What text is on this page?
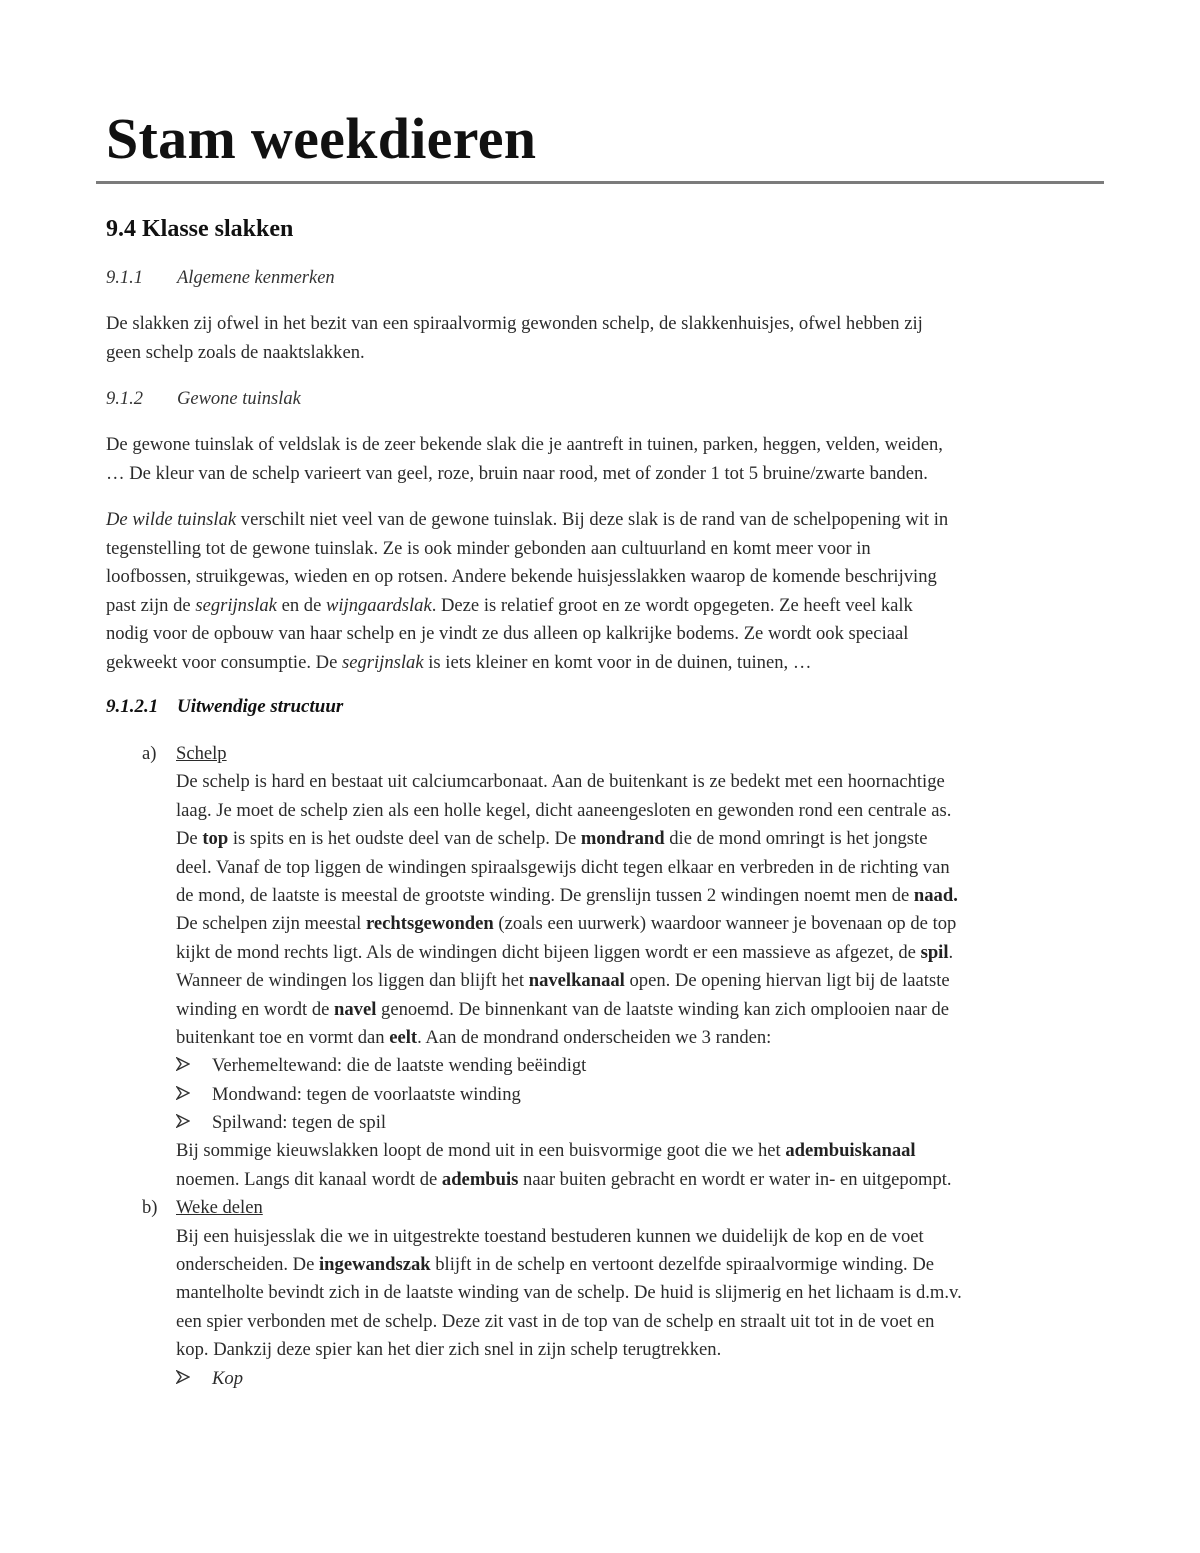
Stam weekdieren
9.4 Klasse slakken
9.1.1 Algemene kenmerken

De slakken zij ofwel in het bezit van een spiraalvormig gewonden schelp, de slakkenhuisjes, ofwel hebben zij
geen schelp zoals de naaktslakken.

9.1.2 Gewone tuinslak

De gewone tuinslak of veldslak is de zeer bekende slak die je aantreft in tuinen, parken, heggen, velden, weiden,
… De kleur van de schelp varieert van geel, roze, bruin naar rood, met of zonder 1 tot 5 bruine/zwarte banden.

De wilde tuinslak verschilt niet veel van de gewone tuinslak. Bij deze slak is de rand van de schelpopening wit in
tegenstelling tot de gewone tuinslak. Ze is ook minder gebonden aan cultuurland en komt meer voor in
loofbossen, struikgewas, wieden en op rotsen. Andere bekende huisjesslakken waarop de komende beschrijving
past zijn de segrijnslak en de wijngaardslak. Deze is relatief groot en ze wordt opgegeten. Ze heeft veel kalk
nodig voor de opbouw van haar schelp en je vindt ze dus alleen op kalkrijke bodems. Ze wordt ook speciaal
gekweekt voor consumptie. De segrijnslak is iets kleiner en komt voor in de duinen, tuinen, …

9.1.2.1 Uitwendige structuur
a) Schelp
De schelp is hard en bestaat uit calciumcarbonaat. Aan de buitenkant is ze bedekt met een hoornachtige
laag. Je moet de schelp zien als een holle kegel, dicht aaneengesloten en gewonden rond een centrale as.
De top is spits en is het oudste deel van de schelp. De mondrand die de mond omringt is het jongste
deel. Vanaf de top liggen de windingen spiraalsgewijs dicht tegen elkaar en verbreden in de richting van
de mond, de laatste is meestal de grootste winding. De grenslijn tussen 2 windingen noemt men de naad.
De schelpen zijn meestal rechtsgewonden (zoals een uurwerk) waardoor wanneer je bovenaan op de top
kijkt de mond rechts ligt. Als de windingen dicht bijeen liggen wordt er een massieve as afgezet, de spil.
Wanneer de windingen los liggen dan blijft het navelkanaal open. De opening hiervan ligt bij de laatste
winding en wordt de navel genoemd. De binnenkant van de laatste winding kan zich omplooien naar de
buitenkant toe en vormt dan eelt. Aan de mondrand onderscheiden we 3 randen:
Verhemeltewand: die de laatste wending beëindigt
Mondwand: tegen de voorlaatste winding
Spilwand: tegen de spil
Bij sommige kieuwslakken loopt de mond uit in een buisvormige goot die we het adembuiskanaal
noemen. Langs dit kanaal wordt de adembuis naar buiten gebracht en wordt er water in- en uitgepompt.
b) Weke delen
Bij een huisjesslak die we in uitgestrekte toestand bestuderen kunnen we duidelijk de kop en de voet
onderscheiden. De ingewandszak blijft in de schelp en vertoont dezelfde spiraalvormige winding. De
mantelholte bevindt zich in de laatste winding van de schelp. De huid is slijmerig en het lichaam is d.m.v.
een spier verbonden met de schelp. Deze zit vast in de top van de schelp en straalt uit tot in de voet en
kop. Dankzij deze spier kan het dier zich snel in zijn schelp terugtrekken.
Kop
